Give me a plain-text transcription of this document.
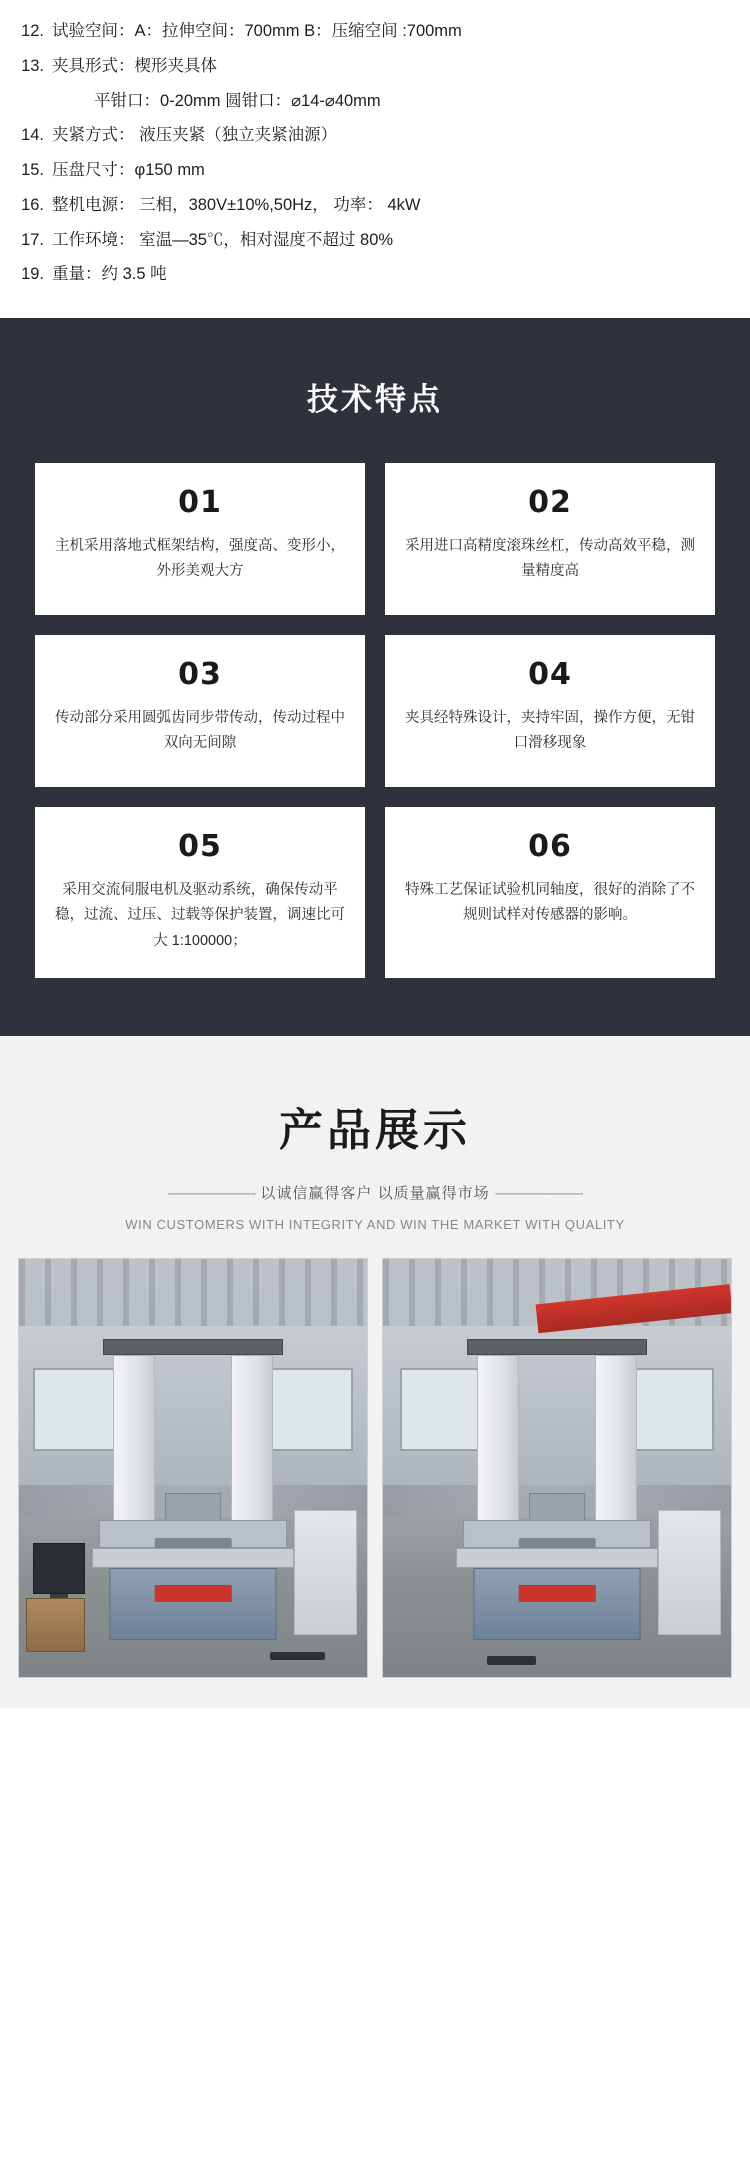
12. 试验空间：A：拉伸空间：700mm B：压缩空间 :700mm
13. 夹具形式：楔形夹具体
平钳口：0-20mm 圆钳口：⌀14-⌀40mm
14. 夹紧方式： 液压夹紧（独立夹紧油源）
15. 压盘尺寸：φ150 mm
16. 整机电源： 三相，380V±10%,50Hz， 功率： 4kW
17. 工作环境： 室温—35℃，相对湿度不超过 80%
19. 重量：约 3.5 吨
技术特点
01
主机采用落地式框架结构，强度高、变形小，外形美观大方
02
采用进口高精度滚珠丝杠，传动高效平稳，测量精度高
03
传动部分采用圆弧齿同步带传动，传动过程中双向无间隙
04
夹具经特殊设计，夹持牢固，操作方便，无钳口滑移现象
05
采用交流伺服电机及驱动系统，确保传动平稳，过流、过压、过载等保护装置，调速比可大 1:100000；
06
特殊工艺保证试验机同轴度，很好的消除了不规则试样对传感器的影响。
产品展示
---------------------- 以诚信赢得客户 以质量赢得市场 ----------------------
WIN CUSTOMERS WITH INTEGRITY AND WIN THE MARKET WITH QUALITY
